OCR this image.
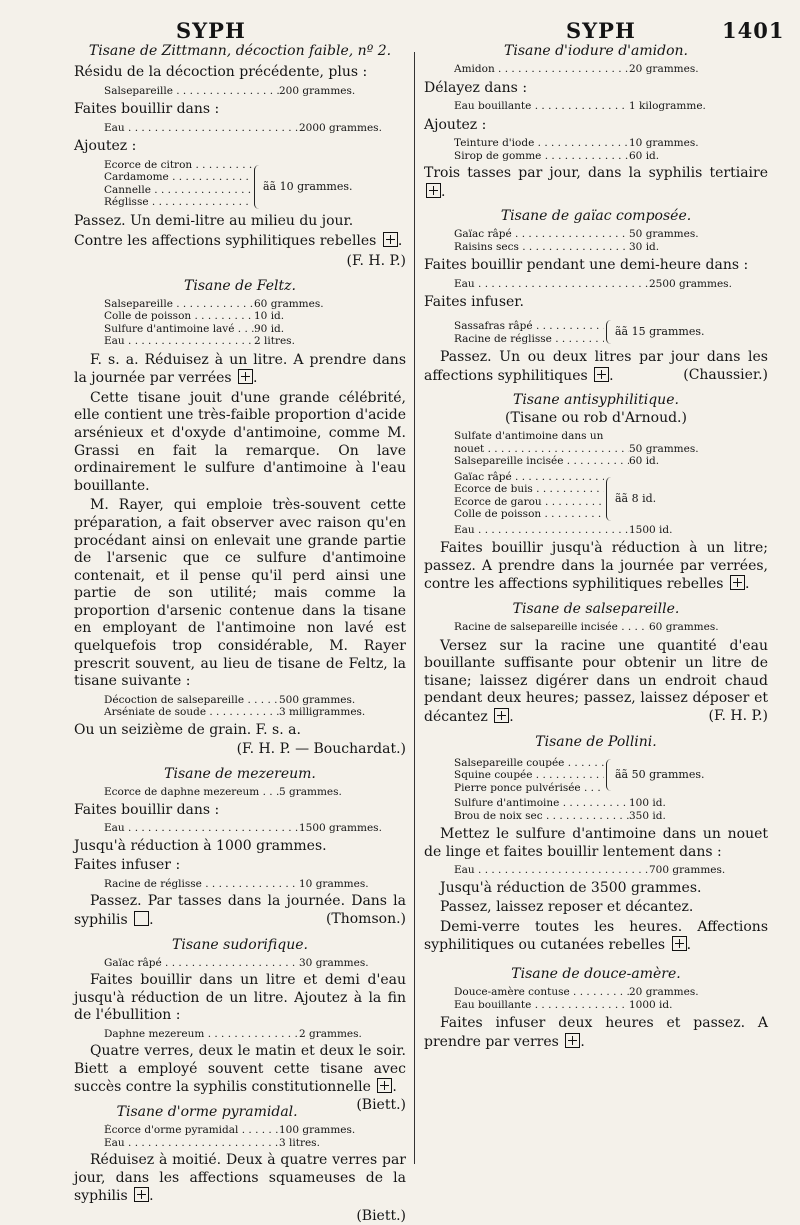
SYPH	SYPH	1401
Tisane de Zittmann, décoction faible, nº 2.
Résidu de la décoction précédente, plus :
Salsepareille . . .	200 grammes.
Faites bouillir dans :
Eau . . .	2000 grammes.
Ajoutez :
Ecorce de citron . . .
Cardamome . . .
Cannelle . . .
Réglisse . . .
ãã 10 grammes.
Passez. Un demi-litre au milieu du jour.
Contre les affections syphilitiques rebelles ☒.
(F. H. P.)
Tisane de Feltz.
Salsepareille . . .	60 grammes.
Colle de poisson . . .	10 id.
Sulfure d'antimoine lavé . . .	90 id.
Eau . . .	2 litres.
F. s. a. Réduisez à un litre. A prendre dans la journée par verrées ☒.
Cette tisane jouit d'une grande célébrité, elle contient une très-faible proportion d'acide arsénieux et d'oxyde d'antimoine, comme M. Grassi en fait la remarque. On lave ordinairement le sulfure d'antimoine à l'eau bouillante.
M. Rayer, qui emploie très-souvent cette préparation, a fait observer avec raison qu'en procédant ainsi on enlevait une grande partie de l'arsenic que ce sulfure d'antimoine contenait, et il pense qu'il perd ainsi une partie de son utilité; mais comme la proportion d'arsenic contenue dans la tisane en employant de l'antimoine non lavé est quelquefois trop considérable, M. Rayer prescrit souvent, au lieu de tisane de Feltz, la tisane suivante :
Décoction de salsepareille . . .	500 grammes.
Arséniate de soude . . .	3 milligrammes.
Ou un seizième de grain. F. s. a.
(F. H. P. — Bouchardat.)
Tisane de mezereum.
Ecorce de daphne mezereum . . .	5 grammes.
Faites bouillir dans :
Eau . . .	1500 grammes.
Jusqu'à réduction à 1000 grammes.
Faites infuser :
Racine de réglisse . . .	10 grammes.
Passez. Par tasses dans la journée. Dans la syphilis .	(Thomson.)
Tisane sudorifique.
Gaïac râpé . . .	30 grammes.
Faites bouillir dans un litre et demi d'eau jusqu'à réduction de un litre. Ajoutez à la fin de l'ébullition :
Daphne mezereum . . .	2 grammes.
Quatre verres, deux le matin et deux le soir. Biett a employé souvent cette tisane avec succès contre la syphilis constitutionnelle ☒.
(Biett.)
Tisane d'orme pyramidal.
Écorce d'orme pyramidal . . .	100 grammes.
Eau . . .	3 litres.
Réduisez à moitié. Deux à quatre verres par jour, dans les affections squameuses de la syphilis ☒.
(Biett.)
Tisane d'iodure d'amidon.
Amidon . . .	20 grammes.
Délayez dans :
Eau bouillante . . .	1 kilogramme.
Ajoutez :
Teinture d'iode . . .	10 grammes.
Sirop de gomme . . .	60 id.
Trois tasses par jour, dans la syphilis tertiaire .
Tisane de gaïac composée.
Gaïac râpé . . .	50 grammes.
Raisins secs . . .	30 id.
Faites bouillir pendant une demi-heure dans :
Eau . . .	2500 grammes.
Faites infuser.
Sassafras râpé . . .
Racine de réglisse . . .
ãã 15 grammes.
Passez. Un ou deux litres par jour dans les affections syphilitiques ☒.	(Chaussier.)
Tisane antisyphilitique.
(Tisane ou rob d'Arnoud.)
Sulfate d'antimoine dans un
nouet . . .	50 grammes.
Salsepareille incisée . . .	60 id.
Gaïac râpé . . .
Ecorce de buis . . .
Ecorce de garou . . .
Colle de poisson . . .
ãã 8 id.
Eau . . .	1500 id.
Faites bouillir jusqu'à réduction à un litre; passez. A prendre dans la journée par verrées, contre les affections syphilitiques rebelles ☒.
Tisane de salsepareille.
Racine de salsepareille incisée . . .	60 grammes.
Versez sur la racine une quantité d'eau bouillante suffisante pour obtenir un litre de tisane; laissez digérer dans un endroit chaud pendant deux heures; passez, laissez déposer et décantez ☒.	(F. H. P.)
Tisane de Pollini.
Salsepareille coupée . . .
Squine coupée . . .
Pierre ponce pulvérisée . . .
ãã 50 grammes.
Sulfure d'antimoine . . .	100 id.
Brou de noix sec . . .	350 id.
Mettez le sulfure d'antimoine dans un nouet de linge et faites bouillir lentement dans :
Eau . . .	700 grammes.
Jusqu'à réduction de 3500 grammes.
Passez, laissez reposer et décantez.
Demi-verre toutes les heures. Affections syphilitiques ou cutanées rebelles ☒.
Tisane de douce-amère.
Douce-amère contuse . . .	20 grammes.
Eau bouillante . . .	1000 id.
Faites infuser deux heures et passez. A prendre par verres ☒.
